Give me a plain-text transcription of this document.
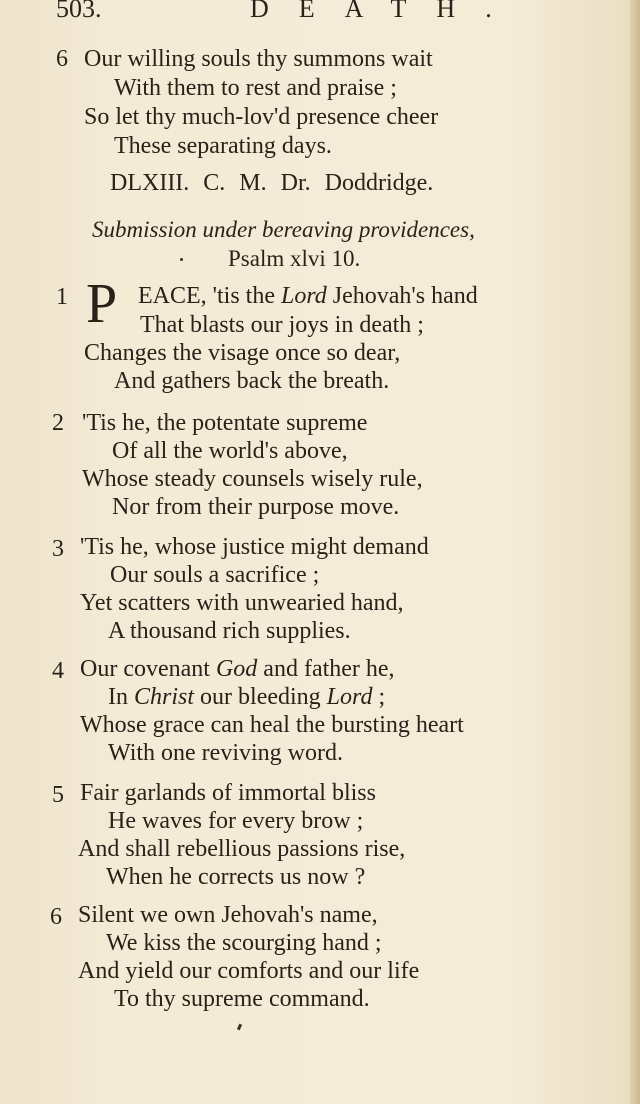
503.	DEATH.
6 Our willing souls thy summons wait
With them to rest and praise ;
So let thy much-lov'd presence cheer
These separating days.
DLXIII. C. M. Dr. Doddridge.
Submission under bereaving providences,
Psalm xlvi 10.
1 P EACE, 'tis the Lord Jehovah's hand
That blasts our joys in death ;
Changes the visage once so dear,
And gathers back the breath.
2 'Tis he, the potentate supreme
Of all the world's above,
Whose steady counsels wisely rule,
Nor from their purpose move.
3 'Tis he, whose justice might demand
Our souls a sacrifice ;
Yet scatters with unwearied hand,
A thousand rich supplies.
4 Our covenant God and father he,
In Christ our bleeding Lord ;
Whose grace can heal the bursting heart
With one reviving word.
5 Fair garlands of immortal bliss
He waves for every brow ;
And shall rebellious passions rise,
When he corrects us now ?
6 Silent we own Jehovah's name,
We kiss the scourging hand ;
And yield our comforts and our life
To thy supreme command.
